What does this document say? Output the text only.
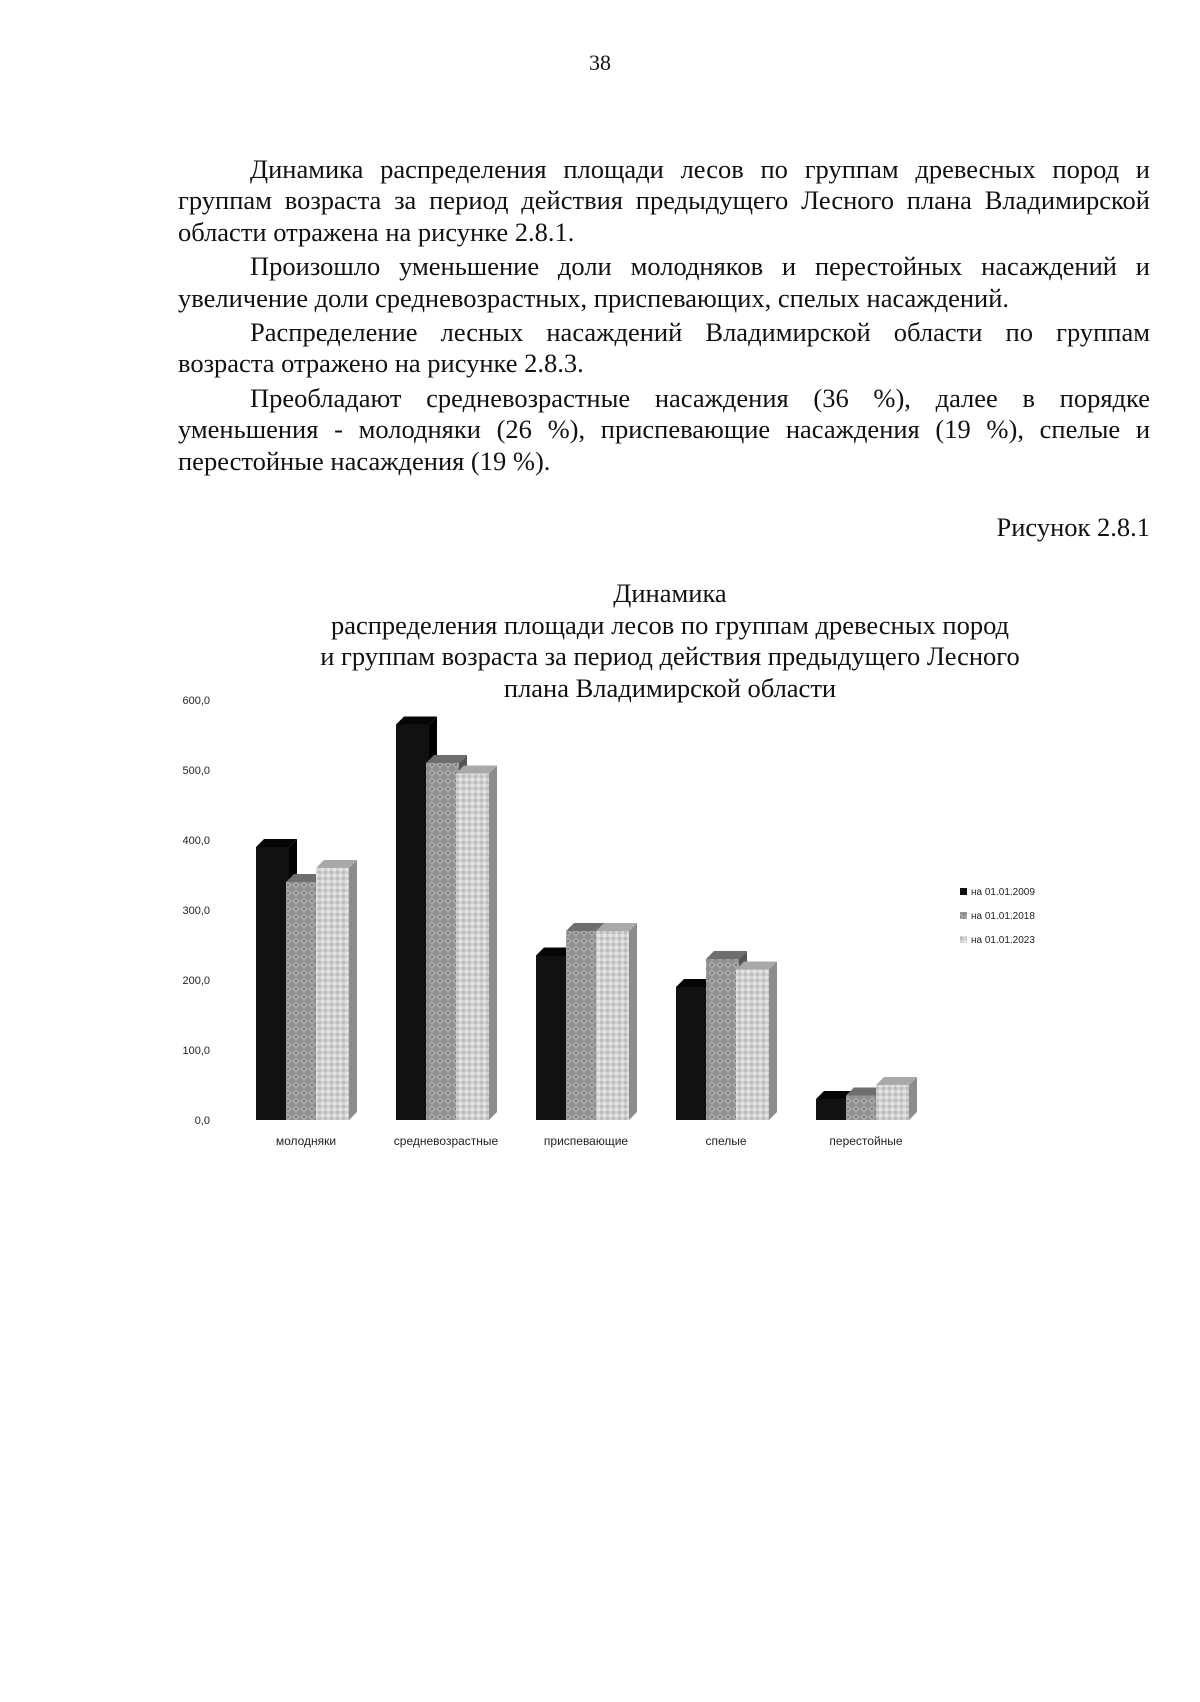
38

Динамика распределения площади лесов по группам древесных пород и группам возраста за период действия предыдущего Лесного плана Владимирской области отражена на рисунке 2.8.1.

Произошло уменьшение доли молодняков и перестойных насаждений и увеличение доли средневозрастных, приспевающих, спелых насаждений.

Распределение лесных насаждений Владимирской области по группам возраста отражено на рисунке 2.8.3.

Преобладают средневозрастные насаждения (36 %), далее в порядке уменьшения - молодняки (26 %), приспевающие насаждения (19 %), спелые и перестойные насаждения (19 %).

Рисунок 2.8.1
Динамика
распределения площади лесов по группам древесных пород
и группам возраста за период действия предыдущего Лесного
плана Владимирской области
0,0
100,0
200,0
300,0
400,0
500,0
600,0
молодняки	средневозрастные	приспевающие	спелые	перестойные
на 01.01.2009
на 01.01.2018
на 01.01.2023
